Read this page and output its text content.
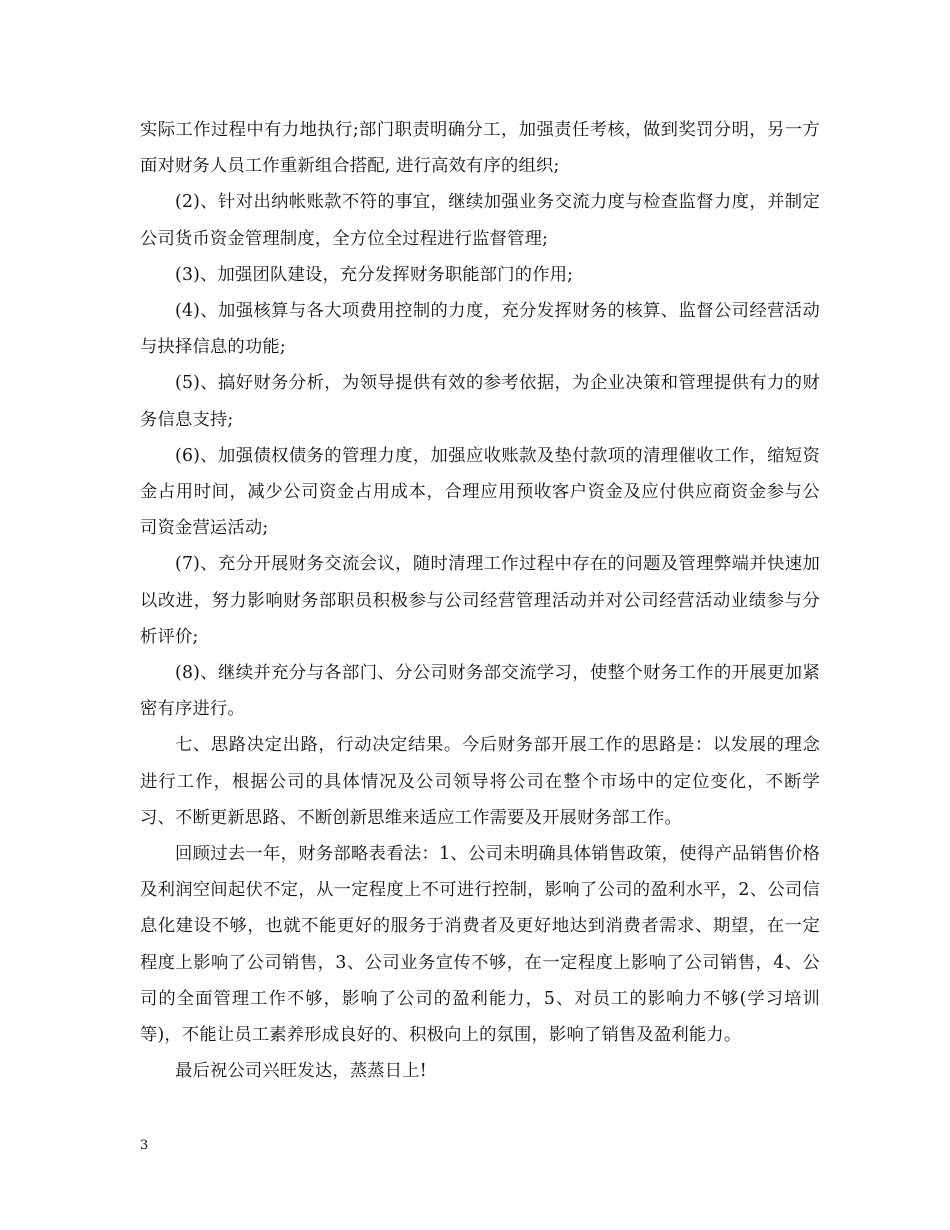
实际工作过程中有力地执行;部门职责明确分工，加强责任考核，做到奖罚分明，另一方面对财务人员工作重新组合搭配, 进行高效有序的组织;

(2)、针对出纳帐账款不符的事宜，继续加强业务交流力度与检查监督力度，并制定公司货币资金管理制度，全方位全过程进行监督管理;

(3)、加强团队建设，充分发挥财务职能部门的作用;

(4)、加强核算与各大项费用控制的力度，充分发挥财务的核算、监督公司经营活动与抉择信息的功能;

(5)、搞好财务分析，为领导提供有效的参考依据，为企业决策和管理提供有力的财务信息支持;

(6)、加强债权债务的管理力度，加强应收账款及垫付款项的清理催收工作，缩短资金占用时间，减少公司资金占用成本，合理应用预收客户资金及应付供应商资金参与公司资金营运活动;

(7)、充分开展财务交流会议，随时清理工作过程中存在的问题及管理弊端并快速加以改进，努力影响财务部职员积极参与公司经营管理活动并对公司经营活动业绩参与分析评价;

(8)、继续并充分与各部门、分公司财务部交流学习，使整个财务工作的开展更加紧密有序进行。

七、思路决定出路，行动决定结果。今后财务部开展工作的思路是：以发展的理念进行工作，根据公司的具体情况及公司领导将公司在整个市场中的定位变化，不断学习、不断更新思路、不断创新思维来适应工作需要及开展财务部工作。

回顾过去一年，财务部略表看法：1、公司未明确具体销售政策，使得产品销售价格及利润空间起伏不定，从一定程度上不可进行控制，影响了公司的盈利水平，2、公司信息化建设不够，也就不能更好的服务于消费者及更好地达到消费者需求、期望，在一定程度上影响了公司销售，3、公司业务宣传不够，在一定程度上影响了公司销售，4、公司的全面管理工作不够，影响了公司的盈利能力，5、对员工的影响力不够(学习培训等)，不能让员工素养形成良好的、积极向上的氛围，影响了销售及盈利能力。

最后祝公司兴旺发达，蒸蒸日上!

3
